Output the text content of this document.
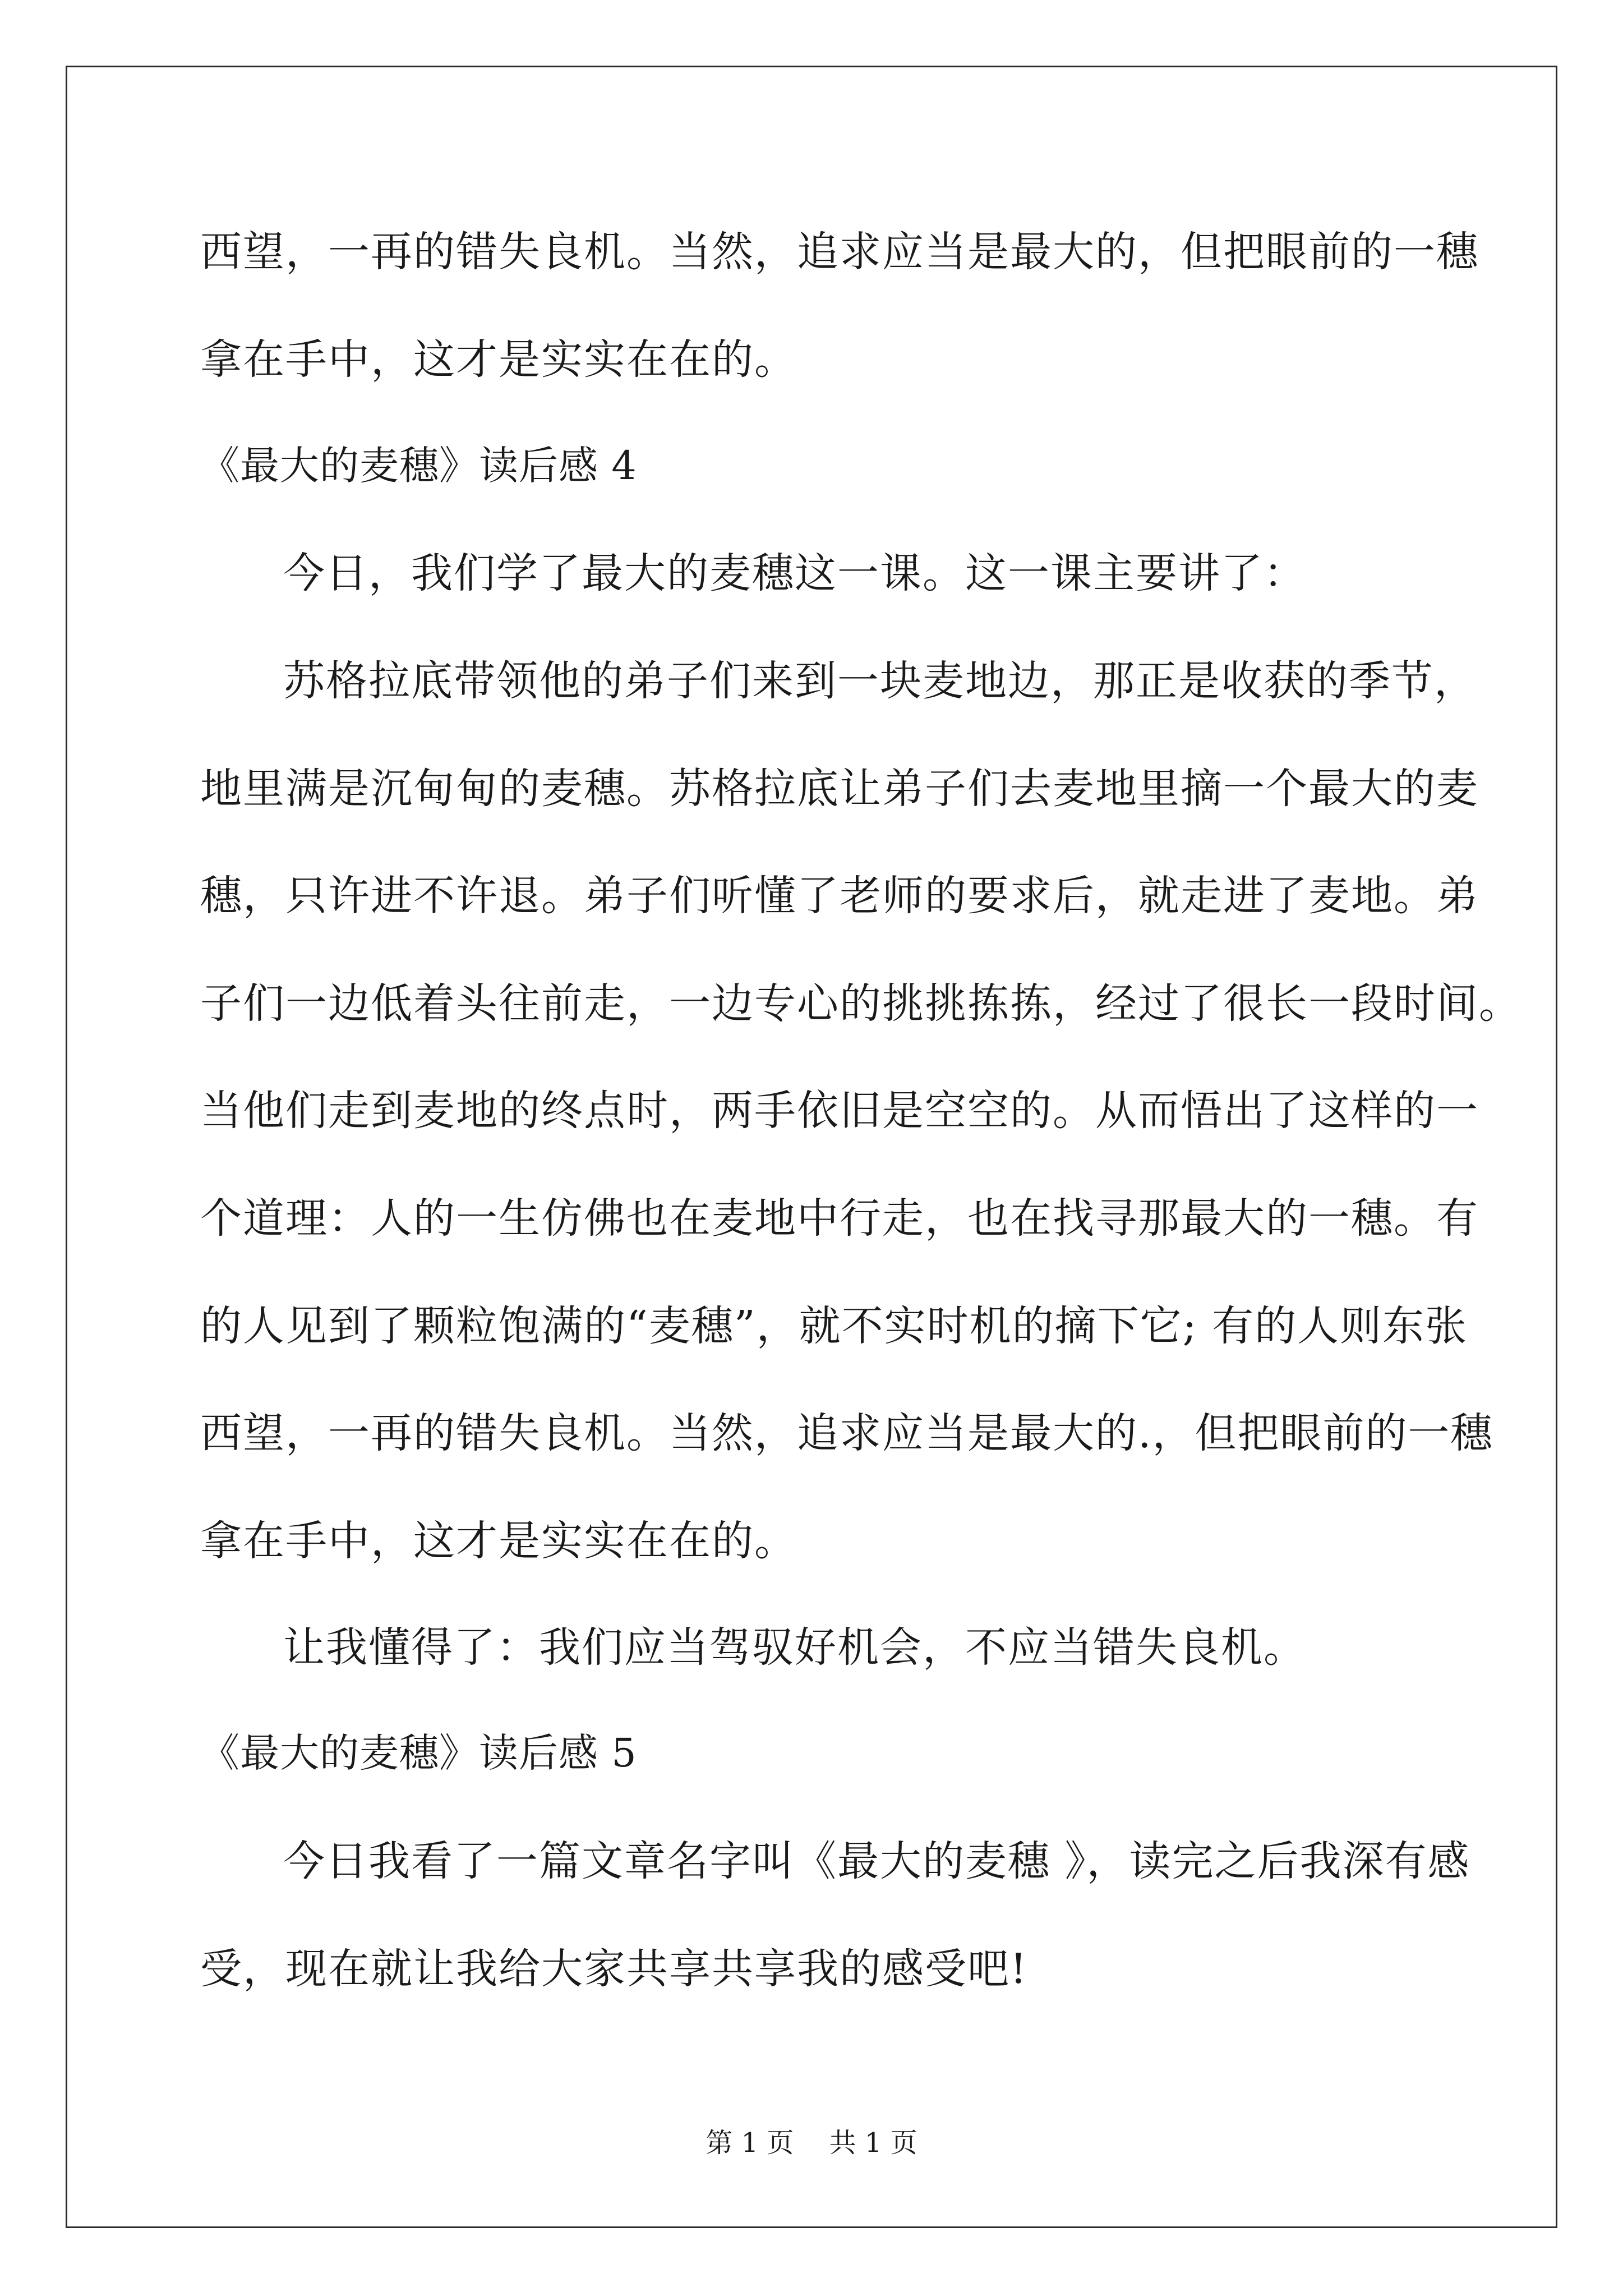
西望，一再的错失良机。当然，追求应当是最大的，但把眼前的一穗
拿在手中，这才是实实在在的。
《最大的麦穗》读后感 4
今日，我们学了最大的麦穗这一课。这一课主要讲了：
苏格拉底带领他的弟子们来到一块麦地边，那正是收获的季节，
地里满是沉甸甸的麦穗。苏格拉底让弟子们去麦地里摘一个最大的麦
穗，只许进不许退。弟子们听懂了老师的要求后，就走进了麦地。弟
子们一边低着头往前走，一边专心的挑挑拣拣，经过了很长一段时间。
当他们走到麦地的终点时，两手依旧是空空的。从而悟出了这样的一
个道理：人的一生仿佛也在麦地中行走，也在找寻那最大的一穗。有
的人见到了颗粒饱满的“麦穗”，就不实时机的摘下它; 有的人则东张
西望，一再的错失良机。当然，追求应当是最大的.，但把眼前的一穗
拿在手中，这才是实实在在的。
让我懂得了：我们应当驾驭好机会，不应当错失良机。
《最大的麦穗》读后感 5
今日我看了一篇文章名字叫《最大的麦穗 》，读完之后我深有感
受，现在就让我给大家共享共享我的感受吧!
第 1 页　 共 1 页
